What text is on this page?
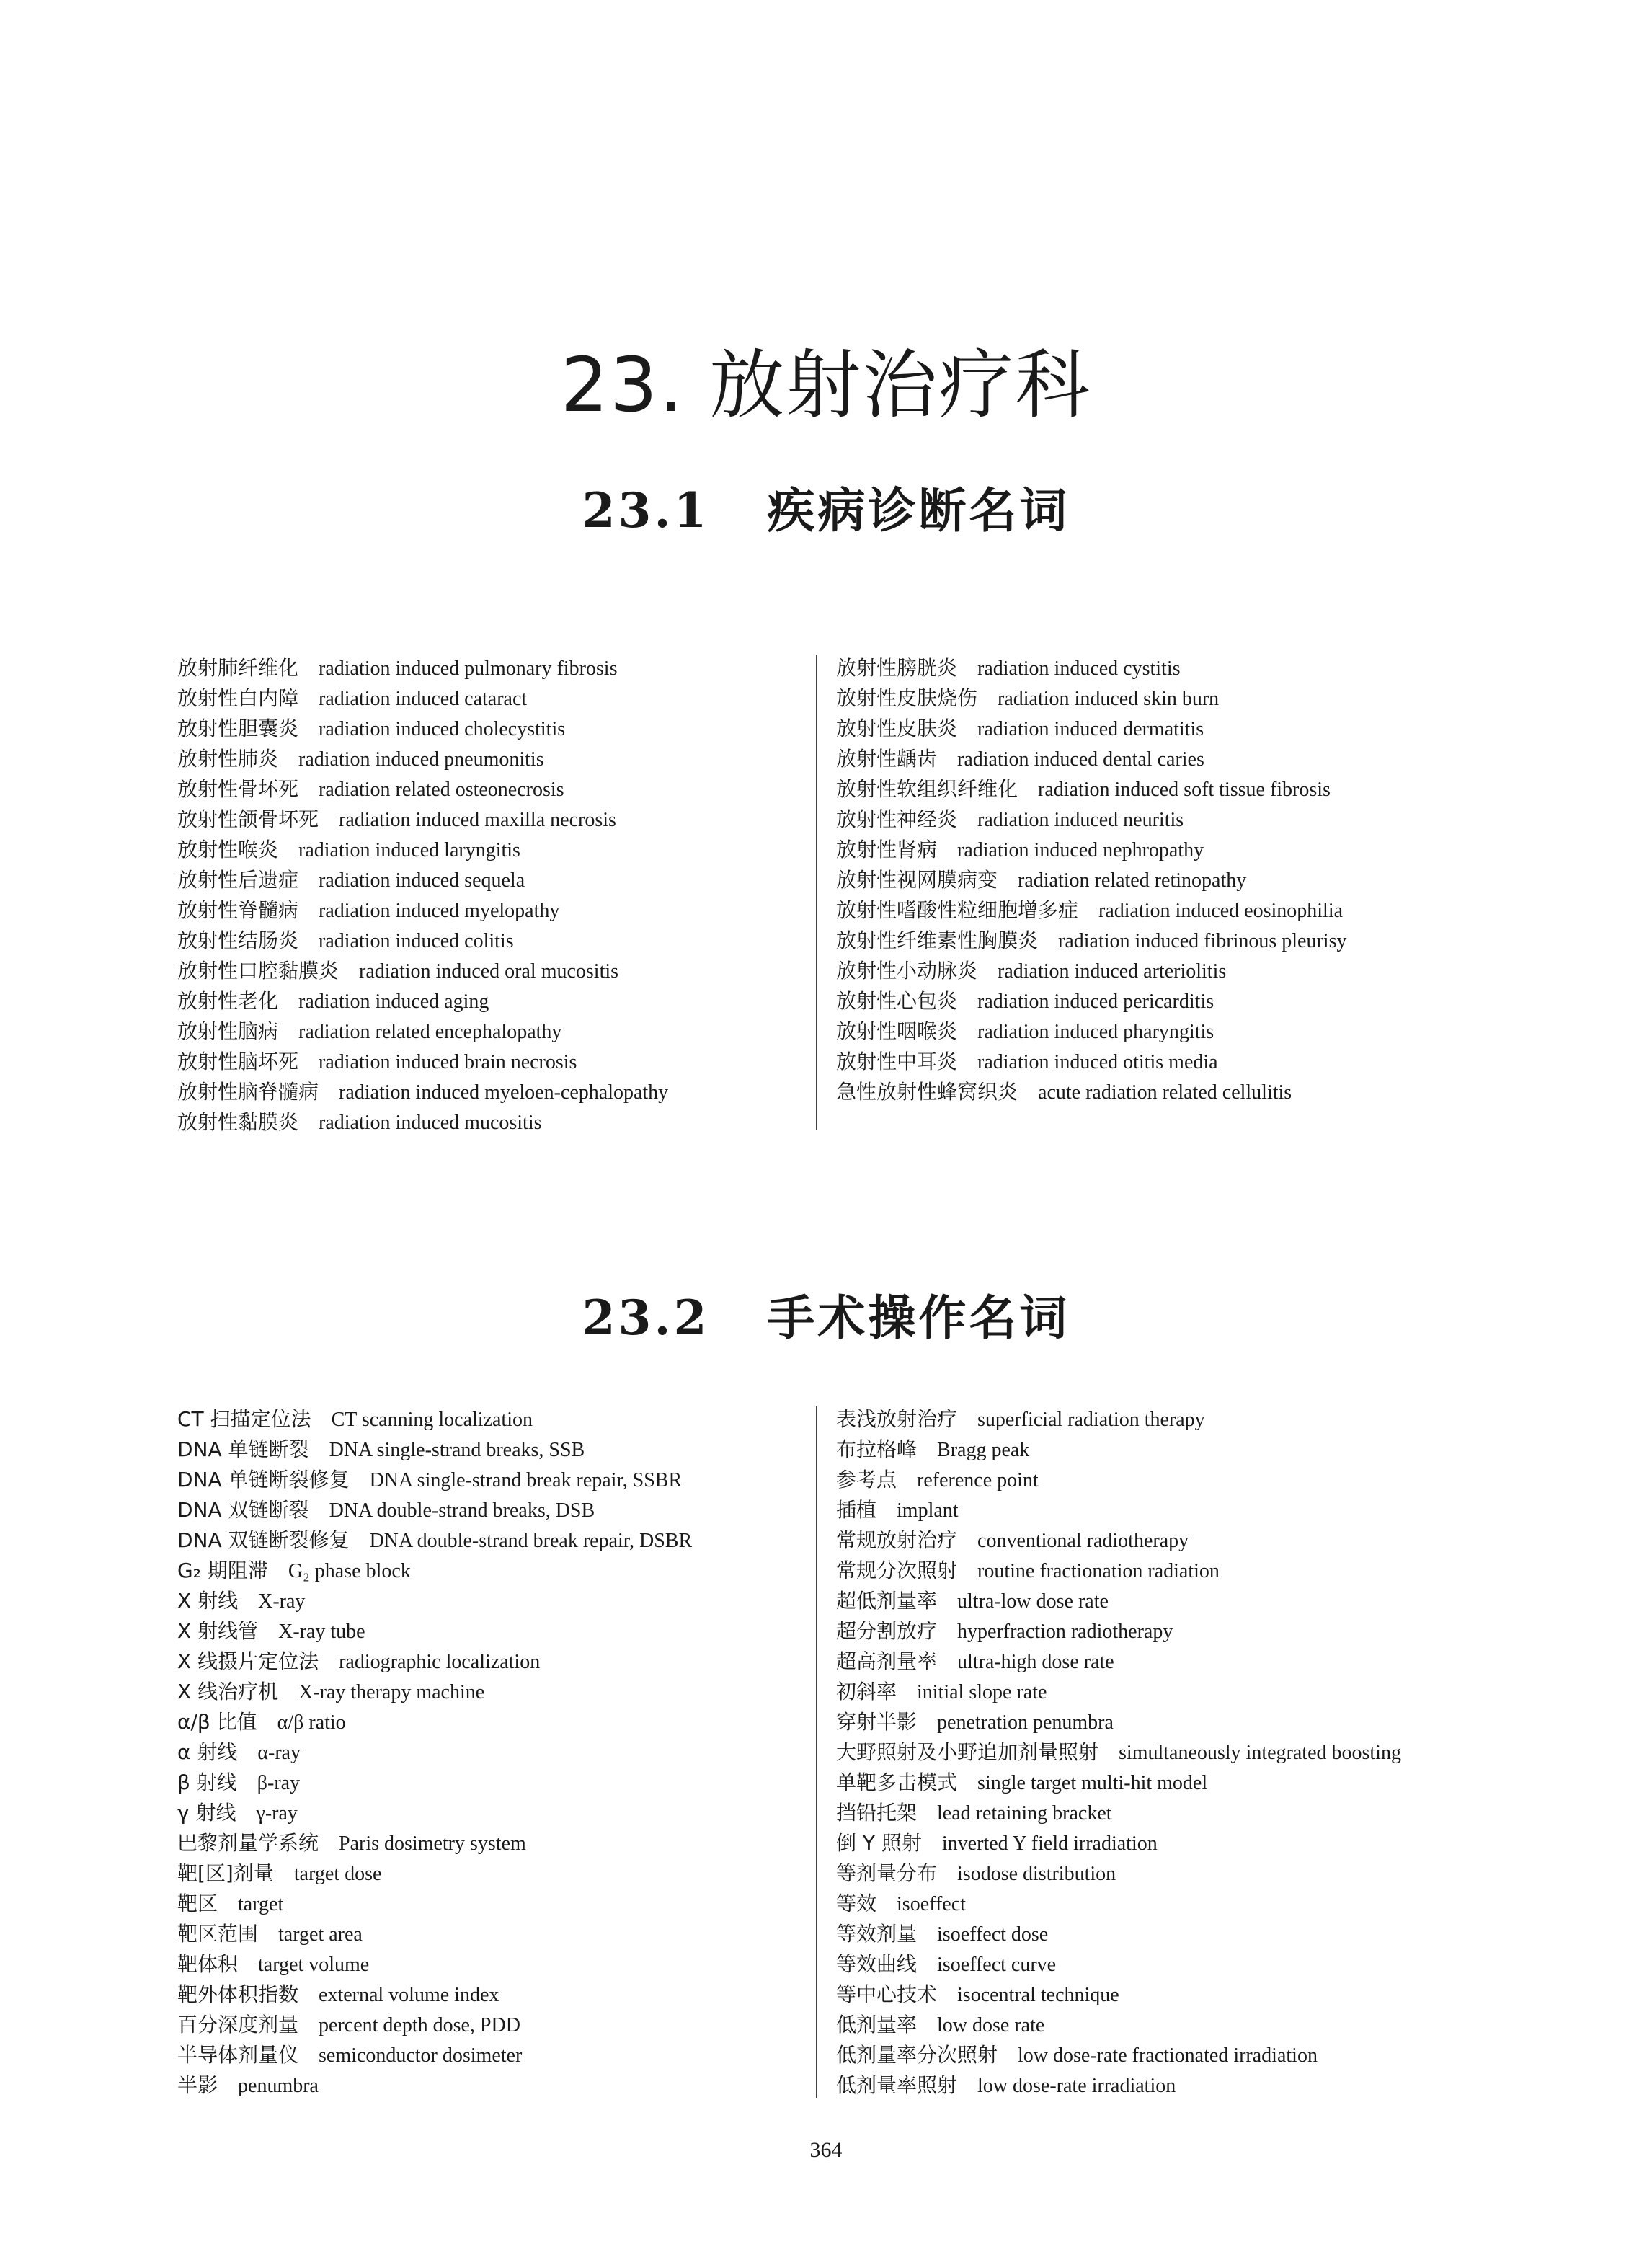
23. 放射治疗科
23.1 疾病诊断名词
放射肺纤维化 radiation induced pulmonary fibrosis
放射性白内障 radiation induced cataract
放射性胆囊炎 radiation induced cholecystitis
放射性肺炎 radiation induced pneumonitis
放射性骨坏死 radiation related osteonecrosis
放射性颌骨坏死 radiation induced maxilla necrosis
放射性喉炎 radiation induced laryngitis
放射性后遗症 radiation induced sequela
放射性脊髓病 radiation induced myelopathy
放射性结肠炎 radiation induced colitis
放射性口腔黏膜炎 radiation induced oral mucositis
放射性老化 radiation induced aging
放射性脑病 radiation related encephalopathy
放射性脑坏死 radiation induced brain necrosis
放射性脑脊髓病 radiation induced myeloen-cephalopathy
放射性黏膜炎 radiation induced mucositis
放射性膀胱炎 radiation induced cystitis
放射性皮肤烧伤 radiation induced skin burn
放射性皮肤炎 radiation induced dermatitis
放射性龋齿 radiation induced dental caries
放射性软组织纤维化 radiation induced soft tissue fibrosis
放射性神经炎 radiation induced neuritis
放射性肾病 radiation induced nephropathy
放射性视网膜病变 radiation related retinopathy
放射性嗜酸性粒细胞增多症 radiation induced eosinophilia
放射性纤维素性胸膜炎 radiation induced fibrinous pleurisy
放射性小动脉炎 radiation induced arteriolitis
放射性心包炎 radiation induced pericarditis
放射性咽喉炎 radiation induced pharyngitis
放射性中耳炎 radiation induced otitis media
急性放射性蜂窝织炎 acute radiation related cellulitis
23.2 手术操作名词
CT 扫描定位法 CT scanning localization
DNA 单链断裂 DNA single-strand breaks, SSB
DNA 单链断裂修复 DNA single-strand break repair, SSBR
DNA 双链断裂 DNA double-strand breaks, DSB
DNA 双链断裂修复 DNA double-strand break repair, DSBR
G₂ 期阻滞 G₂ phase block
X 射线 X-ray
X 射线管 X-ray tube
X 线摄片定位法 radiographic localization
X 线治疗机 X-ray therapy machine
α/β 比值 α/β ratio
α 射线 α-ray
β 射线 β-ray
γ 射线 γ-ray
巴黎剂量学系统 Paris dosimetry system
靶[区]剂量 target dose
靶区 target
靶区范围 target area
靶体积 target volume
靶外体积指数 external volume index
百分深度剂量 percent depth dose, PDD
半导体剂量仪 semiconductor dosimeter
半影 penumbra
表浅放射治疗 superficial radiation therapy
布拉格峰 Bragg peak
参考点 reference point
插植 implant
常规放射治疗 conventional radiotherapy
常规分次照射 routine fractionation radiation
超低剂量率 ultra-low dose rate
超分割放疗 hyperfraction radiotherapy
超高剂量率 ultra-high dose rate
初斜率 initial slope rate
穿射半影 penetration penumbra
大野照射及小野追加剂量照射 simultaneously integrated boosting
单靶多击模式 single target multi-hit model
挡铅托架 lead retaining bracket
倒 Y 照射 inverted Y field irradiation
等剂量分布 isodose distribution
等效 isoeffect
等效剂量 isoeffect dose
等效曲线 isoeffect curve
等中心技术 isocentral technique
低剂量率 low dose rate
低剂量率分次照射 low dose-rate fractionated irradiation
低剂量率照射 low dose-rate irradiation
364
